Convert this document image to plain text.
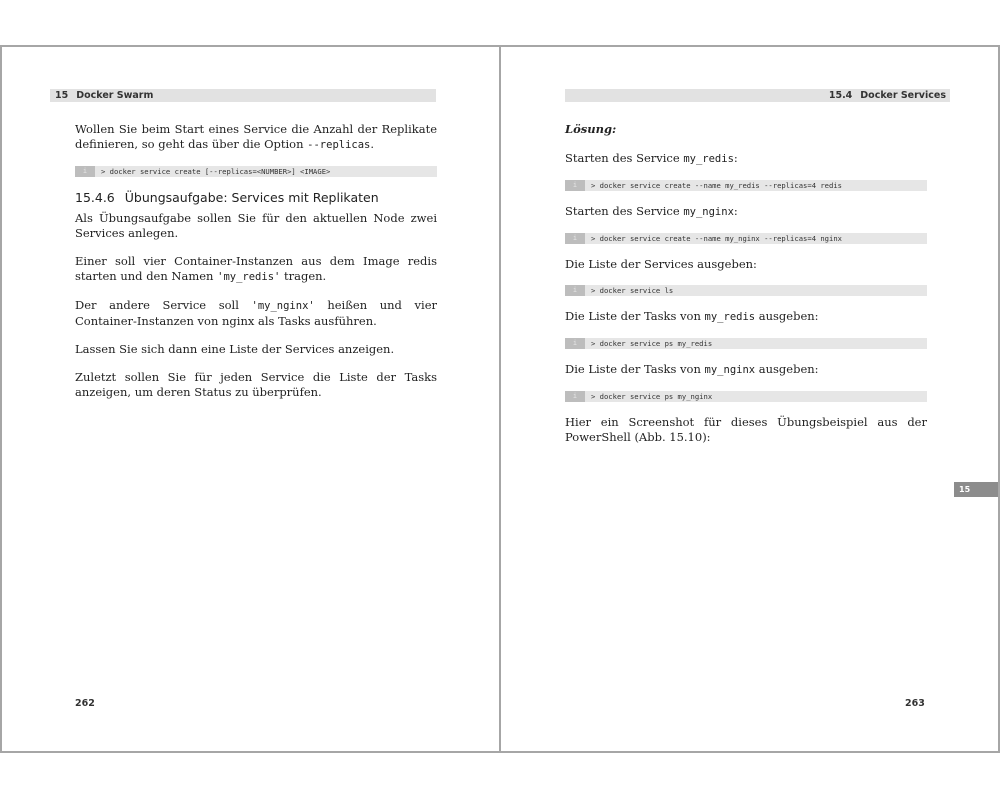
15 Docker Swarm

Wollen Sie beim Start eines Service die Anzahl der Replikate definieren, so geht das über die Option --replicas.

i	> docker service create [--replicas=<NUMBER>] <IMAGE>
15.4.6 Übungsaufgabe: Services mit Replikaten

Als Übungsaufgabe sollen Sie für den aktuellen Node zwei Services anlegen.

Einer soll vier Container-Instanzen aus dem Image redis starten und den Namen 'my_redis' tragen.

Der andere Service soll 'my_nginx' heißen und vier Container-Instanzen von nginx als Tasks ausführen.

Lassen Sie sich dann eine Liste der Services anzeigen.

Zuletzt sollen Sie für jeden Service die Liste der Tasks anzeigen, um deren Status zu überprüfen.

262
15.4 Docker Services
Lösung:

Starten des Service my_redis:

i	> docker service create --name my_redis --replicas=4 redis

Starten des Service my_nginx:

i	> docker service create --name my_nginx --replicas=4 nginx

Die Liste der Services ausgeben:

i	> docker service ls

Die Liste der Tasks von my_redis ausgeben:

i	> docker service ps my_redis

Die Liste der Tasks von my_nginx ausgeben:

i	> docker service ps my_nginx

Hier ein Screenshot für dieses Übungsbeispiel aus der PowerShell (Abb. 15.10):

15
263
